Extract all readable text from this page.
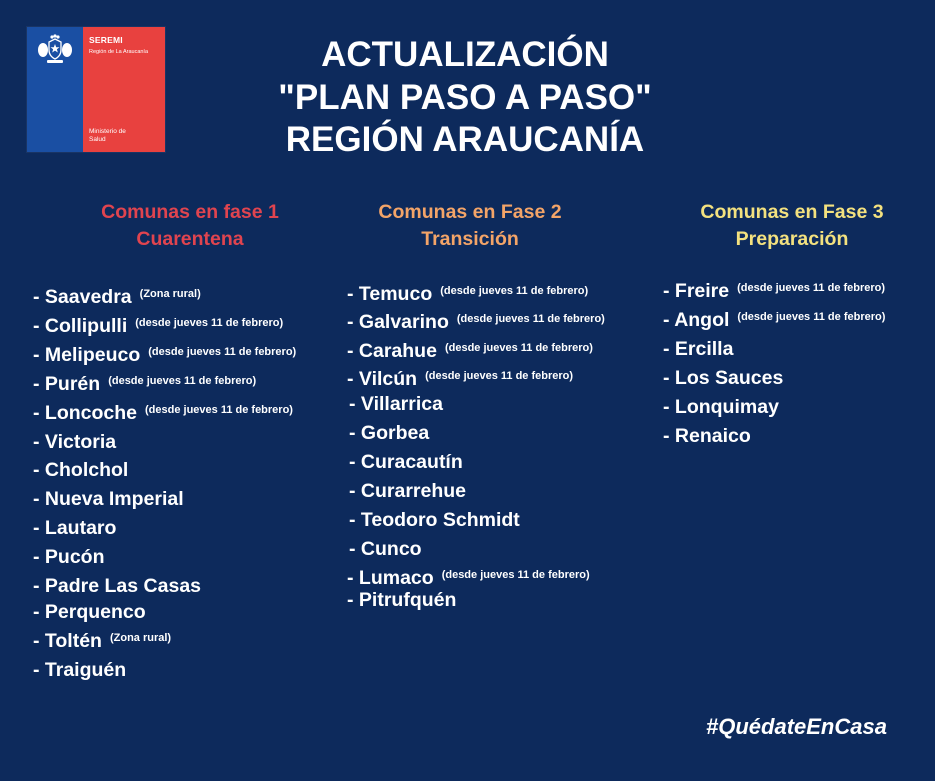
SEREMI
Región de La Araucanía
Ministerio de
Salud
ACTUALIZACIÓN
"PLAN PASO A PASO"
REGIÓN ARAUCANÍA
Comunas en fase 1
Cuarentena
Comunas en Fase 2
Transición
Comunas en Fase 3
Preparación
- Saavedra $^{(Zona rural)}$
- Collipulli $^{(desde jueves 11 de febrero)}$
- Melipeuco $^{(desde jueves 11 de febrero)}$
- Purén $^{(desde jueves 11 de febrero)}$
- Loncoche $^{(desde jueves 11 de febrero)}$
- Victoria
- Cholchol
- Nueva Imperial
- Lautaro
- Pucón
- Padre Las Casas
- Perquenco
- Toltén $^{(Zona rural)}$
- Traiguén
- Temuco $^{(desde jueves 11 de febrero)}$
- Galvarino $^{(desde jueves 11 de febrero)}$
- Carahue $^{(desde jueves 11 de febrero)}$
- Vilcún $^{(desde jueves 11 de febrero)}$
- Villarrica
- Gorbea
- Curacautín
- Curarrehue
- Teodoro Schmidt
- Cunco
- Lumaco $^{(desde jueves 11 de febrero)}$
- Pitrufquén
- Freire $^{(desde jueves 11 de febrero)}$
- Angol $^{(desde jueves 11 de febrero)}$
- Ercilla
- Los Sauces
- Lonquimay
- Renaico
#QuédateEnCasa
